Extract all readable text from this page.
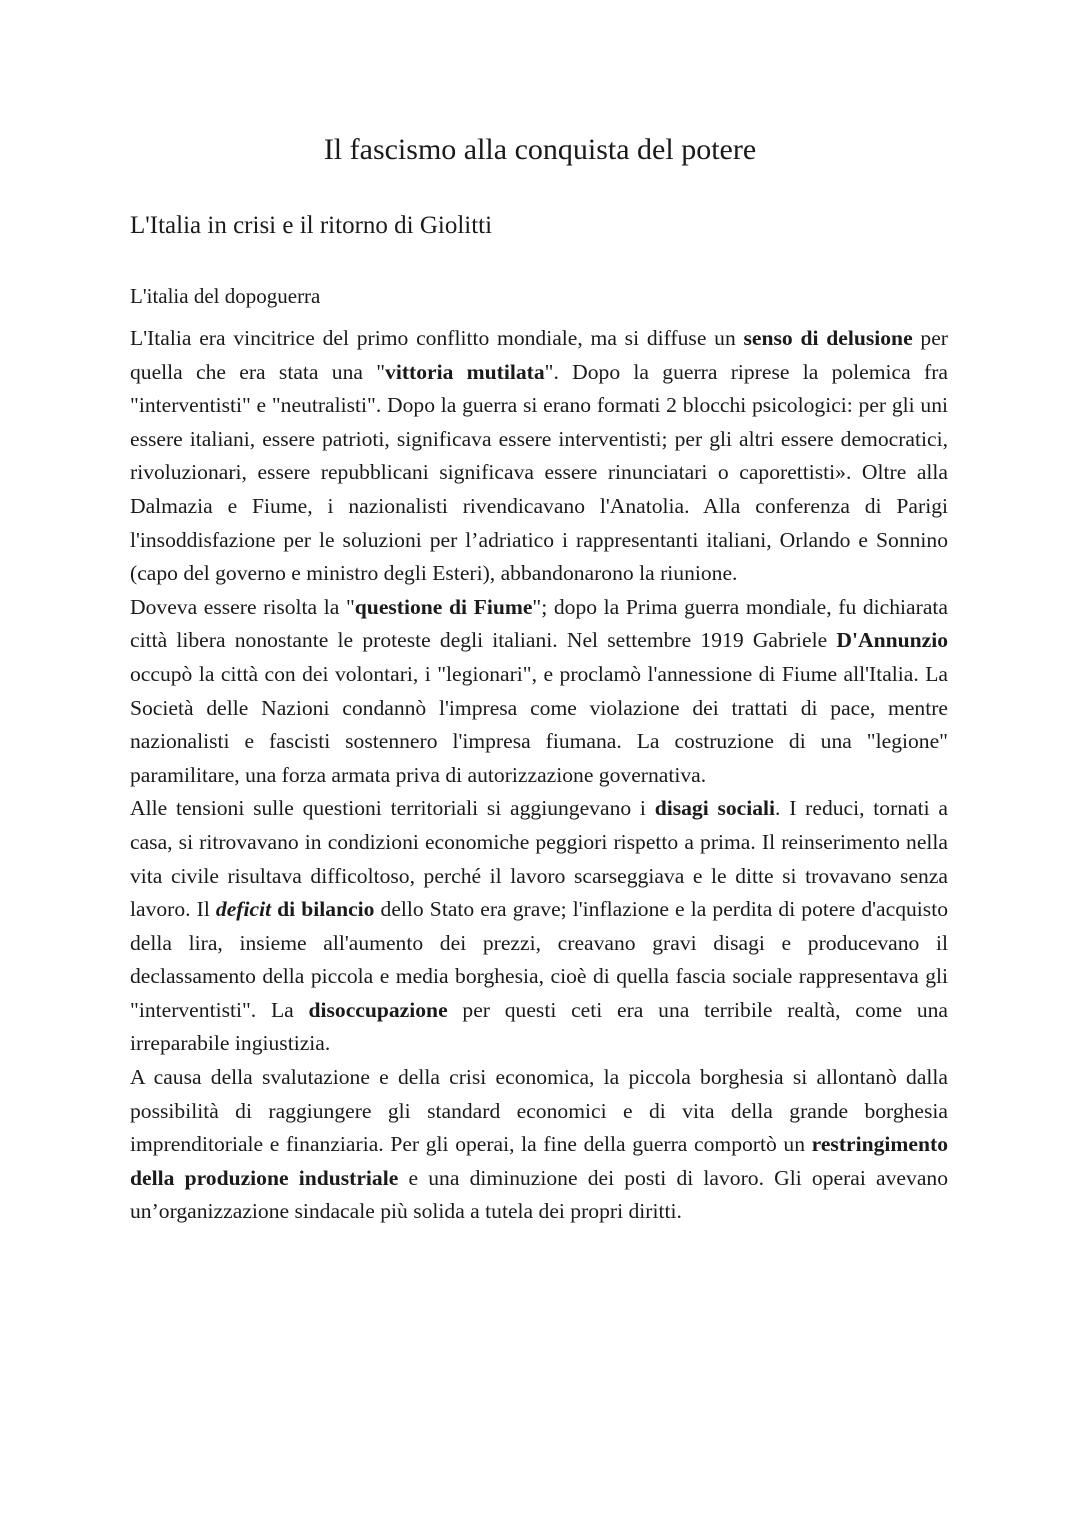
Il fascismo alla conquista del potere
L'Italia in crisi e il ritorno di Giolitti
L'italia del dopoguerra

L'Italia era vincitrice del primo conflitto mondiale, ma si diffuse un senso di delusione per quella che era stata una "vittoria mutilata". Dopo la guerra riprese la polemica fra "interventisti" e "neutralisti". Dopo la guerra si erano formati 2 blocchi psicologici: per gli uni essere italiani, essere patrioti, significava essere interventisti; per gli altri essere democratici, rivoluzionari, essere repubblicani significava essere rinunciatari o caporettisti». Oltre alla Dalmazia e Fiume, i nazionalisti rivendicavano l'Anatolia. Alla conferenza di Parigi l'insoddisfazione per le soluzioni per l’adriatico i rappresentanti italiani, Orlando e Sonnino (capo del governo e ministro degli Esteri), abbandonarono la riunione.

Doveva essere risolta la "questione di Fiume"; dopo la Prima guerra mondiale, fu dichiarata città libera nonostante le proteste degli italiani. Nel settembre 1919 Gabriele D'Annunzio occupò la città con dei volontari, i "legionari", e proclamò l'annessione di Fiume all'Italia. La Società delle Nazioni condannò l'impresa come violazione dei trattati di pace, mentre nazionalisti e fascisti sostennero l'impresa fiumana. La costruzione di una "legione" paramilitare, una forza armata priva di autorizzazione governativa.

Alle tensioni sulle questioni territoriali si aggiungevano i disagi sociali. I reduci, tornati a casa, si ritrovavano in condizioni economiche peggiori rispetto a prima. Il reinserimento nella vita civile risultava difficoltoso, perché il lavoro scarseggiava e le ditte si trovavano senza lavoro. Il deficit di bilancio dello Stato era grave; l'inflazione e la perdita di potere d'acquisto della lira, insieme all'aumento dei prezzi, creavano gravi disagi e producevano il declassamento della piccola e media borghesia, cioè di quella fascia sociale rappresentava gli "interventisti". La disoccupazione per questi ceti era una terribile realtà, come una irreparabile ingiustizia.

A causa della svalutazione e della crisi economica, la piccola borghesia si allontanò dalla possibilità di raggiungere gli standard economici e di vita della grande borghesia imprenditoriale e finanziaria. Per gli operai, la fine della guerra comportò un restringimento della produzione industriale e una diminuzione dei posti di lavoro. Gli operai avevano un’organizzazione sindacale più solida a tutela dei propri diritti.
